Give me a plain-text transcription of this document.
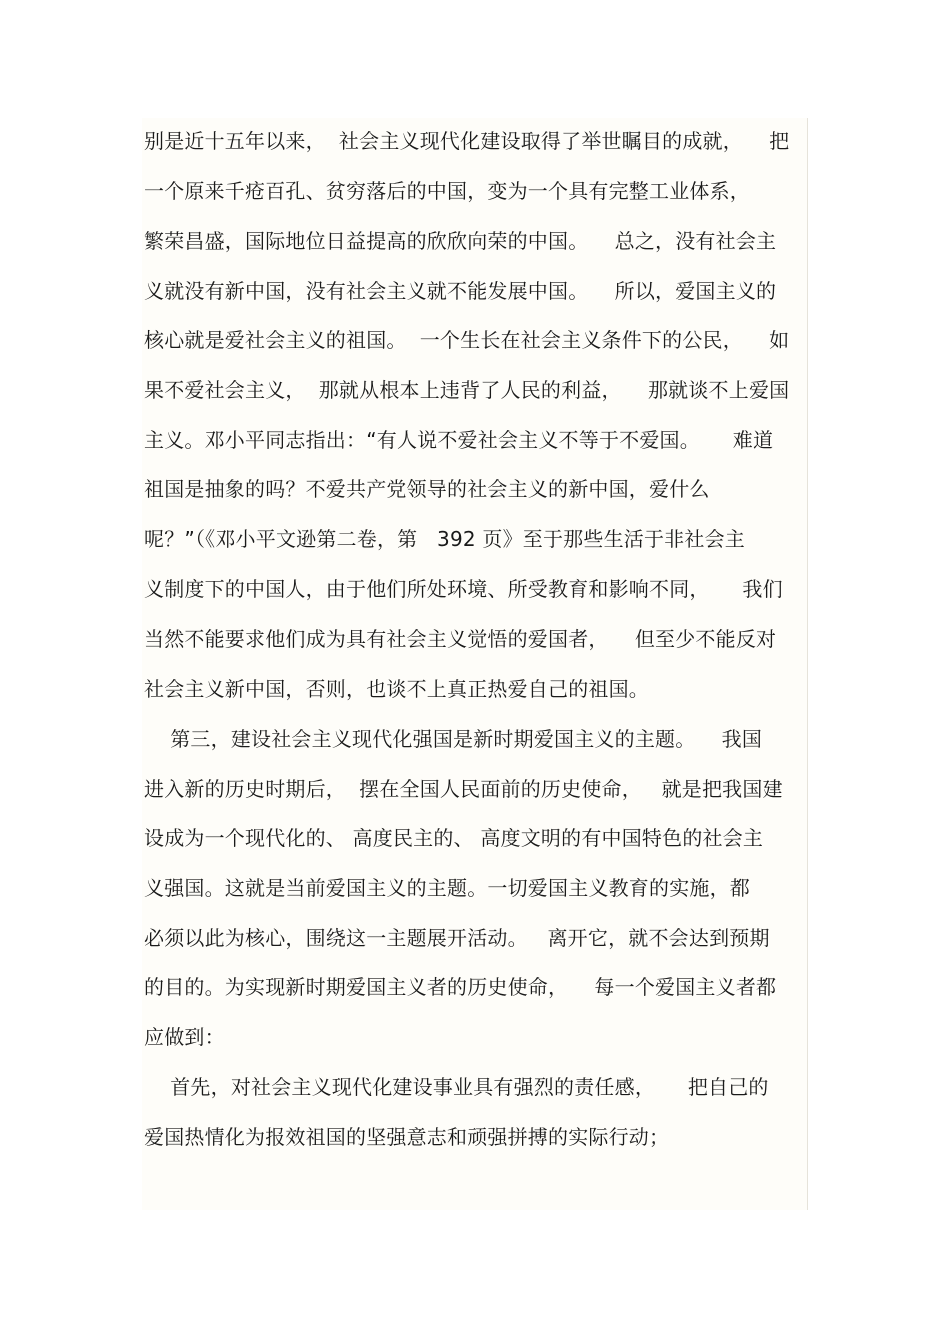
别是近十五年以来，  社会主义现代化建设取得了举世瞩目的成就，    把
一个原来千疮百孔、贫穷落后的中国，变为一个具有完整工业体系，
繁荣昌盛，国际地位日益提高的欣欣向荣的中国。    总之，没有社会主
义就没有新中国，没有社会主义就不能发展中国。    所以，爱国主义的
核心就是爱社会主义的祖国。  一个生长在社会主义条件下的公民，    如
果不爱社会主义，  那就从根本上违背了人民的利益，    那就谈不上爱国
主义。邓小平同志指出：“有人说不爱社会主义不等于不爱国。     难道
祖国是抽象的吗？不爱共产党领导的社会主义的新中国，爱什么
呢？”（《邓小平文逊第二卷，第   392 页》至于那些生活于非社会主
义制度下的中国人，由于他们所处环境、所受教育和影响不同，     我们
当然不能要求他们成为具有社会主义觉悟的爱国者，    但至少不能反对
社会主义新中国，否则，也谈不上真正热爱自己的祖国。
第三，建设社会主义现代化强国是新时期爱国主义的主题。    我国
进入新的历史时期后，  摆在全国人民面前的历史使命，   就是把我国建
设成为一个现代化的、 高度民主的、 高度文明的有中国特色的社会主
义强国。这就是当前爱国主义的主题。一切爱国主义教育的实施，都
必须以此为核心，围绕这一主题展开活动。   离开它，就不会达到预期
的目的。为实现新时期爱国主义者的历史使命，    每一个爱国主义者都
应做到：
首先，对社会主义现代化建设事业具有强烈的责任感，     把自己的
爱国热情化为报效祖国的坚强意志和顽强拼搏的实际行动；
